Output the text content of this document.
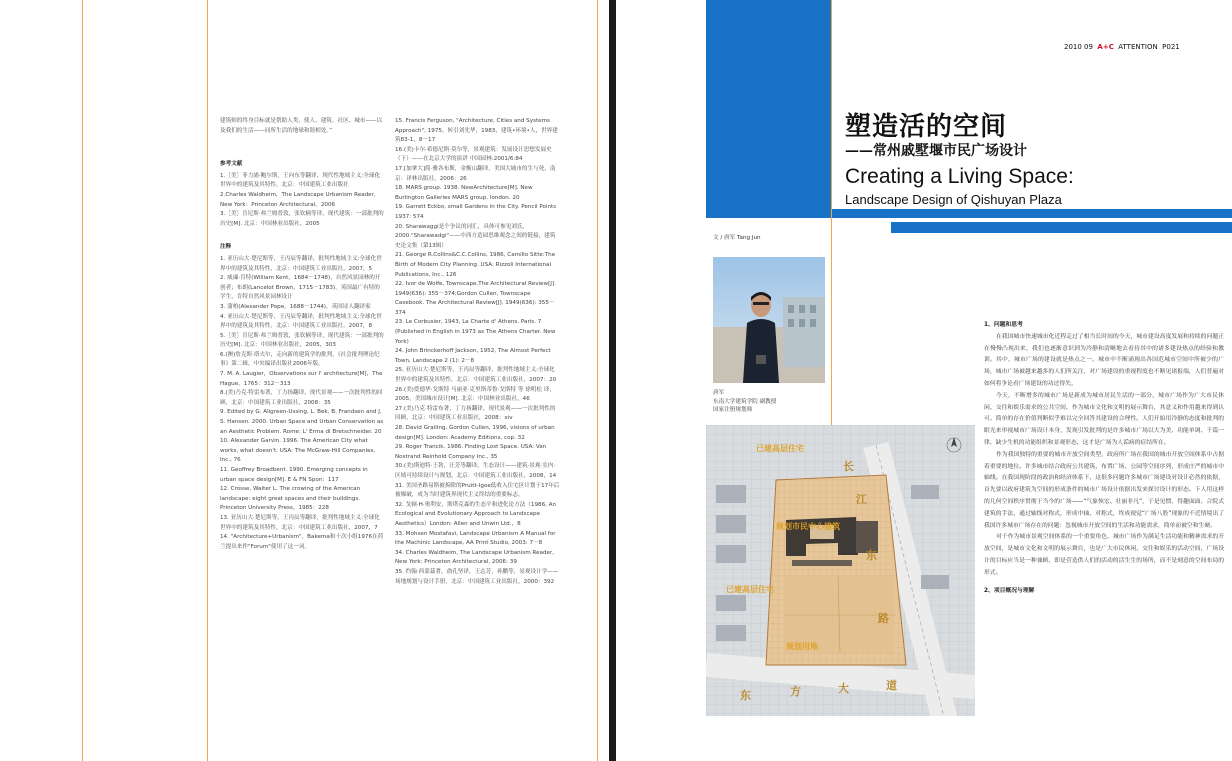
建筑师的终身目标就是帮助人类，使人、建筑、社区、城市——以及我们的生活——同所生活的地球和谐相处。”

参考文献

1.［美］菲力浦·鲍尔斯，王向东等翻译，现代性地域主义:全球化世界中的建筑及其特性，北京：中国建筑工业出版社
2.Charles Waldheim，The Landscape Urbanism Reader，New York：Princeton Architectural，2006
3.［美］肯尼斯·弗兰姆普敦，张钦楠等译，现代建筑：一部批判的历史[M]. 北京：中国林业出版社，2005

注释

1. 亚历山大·楚尼斯等，王丙辰等翻译，批判性地域主义:全球化世界中的建筑及其特性，北京：中国建筑工业出版社，2007，5
2. 威廉·肯特(William Kent，1684－1748)，自然风景园林的开创者；布朗(Lancelot Brown，1715－1783)，英国最广有特的学生，肯特自然风景园林设计
3. 蒲柏(Alexander Pope，1688－1744)，英国诗人翻译家
4. 亚历山大·楚尼斯等，王丙辰等翻译，批判性地域主义:全球化世界中的建筑及其特性，北京：中国建筑工业出版社，2007，8
5.［美］肯尼斯·弗兰姆普敦，张钦楠等译，现代建筑：一部批判的历史[M]. 北京：中国林业出版社，2005，303
6.(澳)詹克斯·塔夫尔，走向新的建筑学的批判，《社会批判理论纪事》第二辑，中央编译出版社2006年版。
7. M. A. Laugier，Observations sur l' architecture[M]，The Hague，1765：312－313
8.(美)乃克·特雷布著，丁力扬翻译，现代景观——一次批判性的回顾，北京：中国建筑工业出版社，2008：35
9. Edited by G. Aligreen-Ussing, L. Bek, B. Frandsen and J. S. Hansen. 2000. Urban Space and Urban Conservation as an Aesthetic Problem. Rome: L' Erma di Bretschneider. 20
10. Alexander Garvin. 1996. The American City what works, what doesn't. USA: The McGraw-Hill Companies, Inc., 76
11. Geoffrey Broadbent. 1990. Emerging concepts in urban space design[M]. E & FN Spon：117
12. Crosse, Walter L. The crowing of the American landscape: eight great spaces and their buildings. Princeton University Press，1985：228
13. 亚历山大·楚尼斯等，王丙辰等翻译，批判性地域主义:全球化世界中的建筑及其特性，北京：中国建筑工业出版社，2007，7
14. "Architecture+Urbanism"，Bakema和十次小组1976在荷兰提出来作"Forum"使用了这一词。
15. Francis Ferguson, "Architecture, Cities and Systems Approach", 1975，转引刘先华，1983，建筑•环境•人，世界建筑83-1，8－17
16.(美)卡尔·希德尼斯·莫尔等，景观建筑：发展设计思想发展史（下）——在北京大学的演讲 中国园林:2001/6:84
17.[加拿大]简·雅各布斯，金衡山翻译，美国大城市的生与死，南京：译林出版社，2006：26
18. MARS group. 1938. NewArchitecture[M]. New Burlington Galleries MARS group. london. 20
19. Garrett Eckbo, small Gardens in the City. Pencil Points 1937: 574
20. Sharawaggi是个争议的词汇，具体可参见刘氏，2000."Sharawadgi"——中西方造园思维观念之间的链接，建筑史论文集（第13辑）
21. George R.Collins&C.C.Collins, 1986, Camillo Sitte:The Birth of Modern City Planning. USA: Rizzoli International Publications, Inc., 126
22. Ivor de Wolfe, Townscape.The Architectural Review[J]. 1949(636): 355－374;Gordon Cullen, Townscape Casebook. The Architectural Review[J]. 1949(636): 355－374
23. Le Corbusier, 1943, La Charte d' Athens. Paris. 7 (Published in English in 1973 as The Athens Charter. New York)
24. John Brinckerhoff Jackson, 1952, The Almost Perfect Town, Landscape 2 (1): 2－8
25. 亚历山大·楚尼斯等，王丙辰等翻译，批判性地域主义:全球化世界中的建筑及其特性，北京：中国建筑工业出版社，2007：20
26.(美)爱德华·戈斯特 马丽亚·克里斯蒂鲁·戈斯特 等 徐明松 译，2005，美国城市设计[M]. 北京：中国林业出版社，46
27.(美)乃克·特雷布著，丁力扬翻译，现代景观——一次批判性的回顾，北京：中国建筑工业出版社，2008：xiv
28. David Grailing, Gordon Cullen, 1996, visions of urban design[M]. London: Academy Editions, cop. 32
29. Roger Trancik. 1986. Finding Lost Space. USA: Van Nostrand Reinhold Company Inc., 35
30.(美)斯迪特·王勃，汪芳等翻译，生态设计——建筑·景观·室内·区域可持续设计与规划，北京：中国建筑工业出版社，2008，14
31. 美国圣路易斯被拆除的Pruitt-Igoe低收入住宅区计划于17年后被爆破，成为当时建筑界现代主义终结的重要标志。
32. 戈顿·H·奥利安，斯塔克森的生态平和进化论方法（1986, An Ecological and Evolutionary Approach to Landscape Aesthetics）London: Allen and Unwin Ltd.，8
33. Mohsen Mostafavi, Landscape Urbanism A Manual for the Machinic Landscape, AA Print Studio, 2003: 7－8
34. Charles Waldheim, The Landscape Urbanism Reader, New York: Princeton Architectural, 2006: 39
35. 约翰·西蒙茲著，俞孔坚译，王志芳，孙鹏等，景观设计学——场地规划与设计手册，北京：中国建筑工业出版社，2000：392
2010 09 A+C ATTENTION P021
塑造活的空间
——常州戚墅堰市民广场设计
Creating a Living Space:
Landscape Design of Qishuyan Plaza
文 / 唐军 Tang Jun
唐军
东南大学建筑学院 副教授
国家注册规划师
已建高层住宅
规划市民中心建筑
已建高层住宅
规划用地
长
江
东
路
东	方	大	道

1、问题和思考

在我国城市快速城市化近程走过了相当长时间的今天，城市建设高度发展和持续的问题正在慢慢凸现出来，我们也逐渐意识到为冷静和清晰地去看待其中的诸多建设热点的经验和教训。其中，城市广场的建设就是热点之一。城市中不断涌现出各国范城市空间中所被少的广场，城市广场被越来越多的人们所关注，对广场建设的重视程度也不断见诸报端，人们普遍对如何将争论看广场建设的功过得失。

今天，不断增多的城市广场是新成为城市居民生活的一部分，城市广场作为广大市民休闲、交往和娱乐需求的公共空间，作为城市文化和文明的展示舞台，其意义和作用越来得到认可。简单的存在价值判断似乎难以完全回答其建设的合理性。人们开始用冷静的态度和批判的眼光来审视城市广场设计本身，发现引发批判的是许多城市广场以大为美、功能单调、千篇一律、缺少生机的功能组织和景观形态，这才是广场为人诟病的症结所在。

作为我国独特的重要的城市开放空间类型，政府所广场在我国的城市开放空间体系中占据着重要的地位。许多城市结合政府公共建筑，布置广场、公园等空间序列，形成庄严的城市中轴线。在我国现阶段的政治和经济体系下，这很多问题许多城市广场建设对设计必然的依据，首先要以政府建筑为空间的形成条件的城市广场设计依据出发来探讨设计的形态。下人用这样的几何空间秩序贯彻于当今的广场——“气象恢宏、壮丽非凡”，于是见惯，得趣面面。合院式建筑的手法，通过轴线对称式，形成中轴、对称式，终成视觉“广场八股”现象的不近情境出了我国许多城市广场存在的问题：忽视城市开放空间的生活和功能需求，简单而被空和生硬。

对于作为城市景观空间体系的一个重要角色，城市广场作为满足生活功能和精神需求的开放空间，是城市文化和文明的展示舞台，也是广大市民休闲、交往和娱乐的活动空间，广场设计的目标应当是一种兼顾，即是营造供人们的活动的活生生的场所，而不是刻意的空间布局的形式。

2、项目概况与理解
